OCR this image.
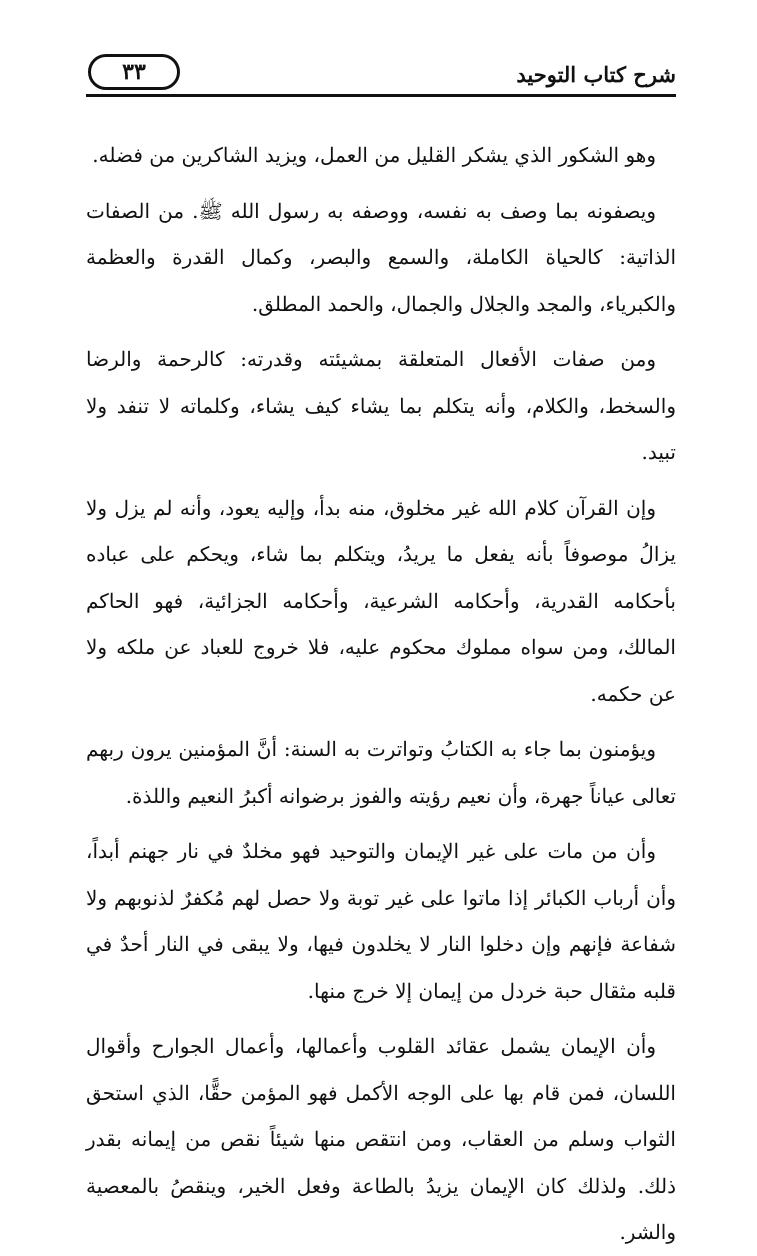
شرح كتاب التوحيد
٣٣

وهو الشكور الذي يشكر القليل من العمل، ويزيد الشاكرين من فضله.

ويصفونه بما وصف به نفسه، ووصفه به رسول الله ﷺ. من الصفات الذاتية: كالحياة الكاملة، والسمع والبصر، وكمال القدرة والعظمة والكبرياء، والمجد والجلال والجمال، والحمد المطلق.

ومن صفات الأفعال المتعلقة بمشيئته وقدرته: كالرحمة والرضا والسخط، والكلام، وأنه يتكلم بما يشاء كيف يشاء، وكلماته لا تنفد ولا تبيد.

وإن القرآن كلام الله غير مخلوق، منه بدأ، وإليه يعود، وأنه لم يزل ولا يزالُ موصوفاً بأنه يفعل ما يريدُ، ويتكلم بما شاء، ويحكم على عباده بأحكامه القدرية، وأحكامه الشرعية، وأحكامه الجزائية، فهو الحاكم المالك، ومن سواه مملوك محكوم عليه، فلا خروج للعباد عن ملكه ولا عن حكمه.

ويؤمنون بما جاء به الكتابُ وتواترت به السنة: أنَّ المؤمنين يرون ربهم تعالى عياناً جهرة، وأن نعيم رؤيته والفوز برضوانه أكبرُ النعيم واللذة.

وأن من مات على غير الإيمان والتوحيد فهو مخلدٌ في نار جهنم أبداً، وأن أرباب الكبائر إذا ماتوا على غير توبة ولا حصل لهم مُكفرٌ لذنوبهم ولا شفاعة فإنهم وإن دخلوا النار لا يخلدون فيها، ولا يبقى في النار أحدٌ في قلبه مثقال حبة خردل من إيمان إلا خرج منها.

وأن الإيمان يشمل عقائد القلوب وأعمالها، وأعمال الجوارح وأقوال اللسان، فمن قام بها على الوجه الأكمل فهو المؤمن حقًّا، الذي استحق الثواب وسلم من العقاب، ومن انتقص منها شيئاً نقص من إيمانه بقدر ذلك. ولذلك كان الإيمان يزيدُ بالطاعة وفعل الخير، وينقصُ بالمعصية والشر.
